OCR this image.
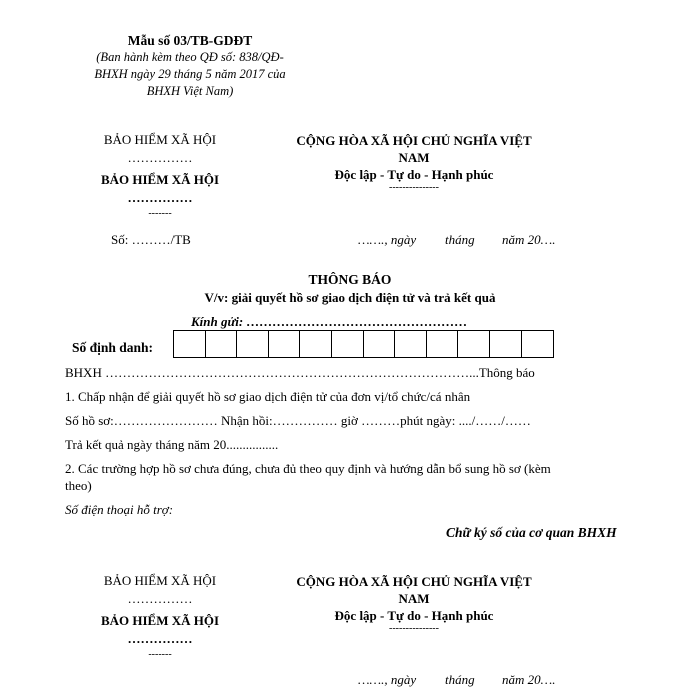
Mẫu số 03/TB-GDĐT
(Ban hành kèm theo QĐ số: 838/QĐ-
BHXH ngày 29 tháng 5 năm 2017 của
BHXH Việt Nam)
BẢO HIỂM XÃ HỘI
……………
BẢO HIỂM XÃ HỘI
……………
-------
CỘNG HÒA XÃ HỘI CHỦ NGHĨA VIỆT
NAM
Độc lập - Tự do - Hạnh phúc
---------------
Số: ………/TB	……., ngày tháng năm 20….
THÔNG BÁO
V/v: giải quyết hồ sơ giao dịch điện tử và trả kết quả
Kính gửi: ……………………………………………
Số định danh:
BHXH …………………………………………………………………………...Thông báo
1. Chấp nhận để giải quyết hồ sơ giao dịch điện tử của đơn vị/tổ chức/cá nhân
Số hồ sơ:…………………… Nhận hồi:…………… giờ ………phút ngày: ..../……/……
Trả kết quả ngày tháng năm 20................
2. Các trường hợp hồ sơ chưa đúng, chưa đủ theo quy định và hướng dẫn bổ sung hồ sơ (kèm
theo)
Số điện thoại hỗ trợ:
Chữ ký số của cơ quan BHXH
BẢO HIỂM XÃ HỘI
……………
BẢO HIỂM XÃ HỘI
……………
-------
CỘNG HÒA XÃ HỘI CHỦ NGHĨA VIỆT
NAM
Độc lập - Tự do - Hạnh phúc
---------------
……., ngày tháng năm 20….
